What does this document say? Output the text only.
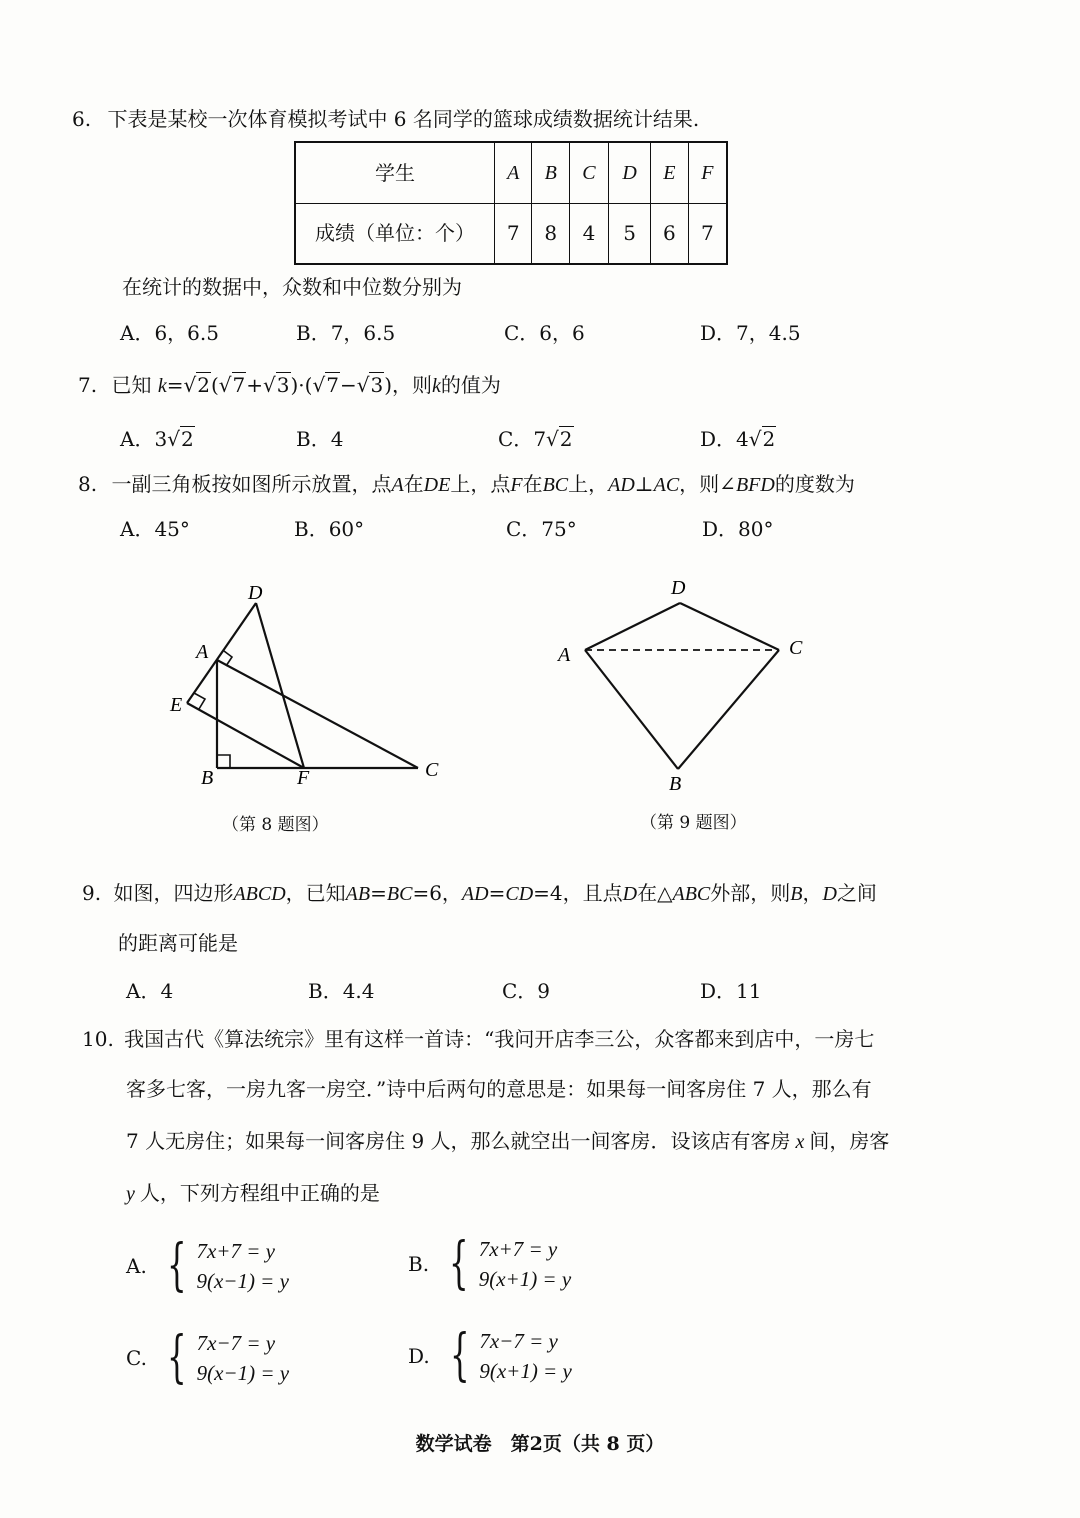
6. 下表是某校一次体育模拟考试中 6 名同学的篮球成绩数据统计结果.
学生	A	B	C	D	E	F
成绩（单位：个）	7	8	4	5	6	7
在统计的数据中，众数和中位数分别为
A．6，6.5	B．7，6.5	C．6，6	D．7，4.5
7. 已知 k=√2(√7+√3)·(√7−√3)，则k的值为
A．3√2	B．4	C．7√2	D．4√2
8. 一副三角板按如图所示放置，点A在DE上，点F在BC上，AD⊥AC，则∠BFD的度数为
A．45°	B．60°	C．75°	D．80°
D
A
E
B	F	C
（第 8 题图）
D
A	C
B
（第 9 题图）
9. 如图，四边形ABCD，已知AB=BC=6，AD=CD=4，且点D在△ABC外部，则B，D之间
的距离可能是
A．4	B．4.4	C．9	D．11
10. 我国古代《算法统宗》里有这样一首诗：“我问开店李三公，众客都来到店中，一房七
客多七客，一房九客一房空．”诗中后两句的意思是：如果每一间客房住 7 人，那么有
7 人无房住；如果每一间客房住 9 人，那么就空出一间客房．设该店有客房 x 间，房客
y 人，下列方程组中正确的是
A. { 7x+7 = y
9(x−1) = y
B. { 7x+7 = y
9(x+1) = y
C. { 7x−7 = y
9(x−1) = y
D. { 7x−7 = y
9(x+1) = y
数学试卷　第2页（共 8 页）
